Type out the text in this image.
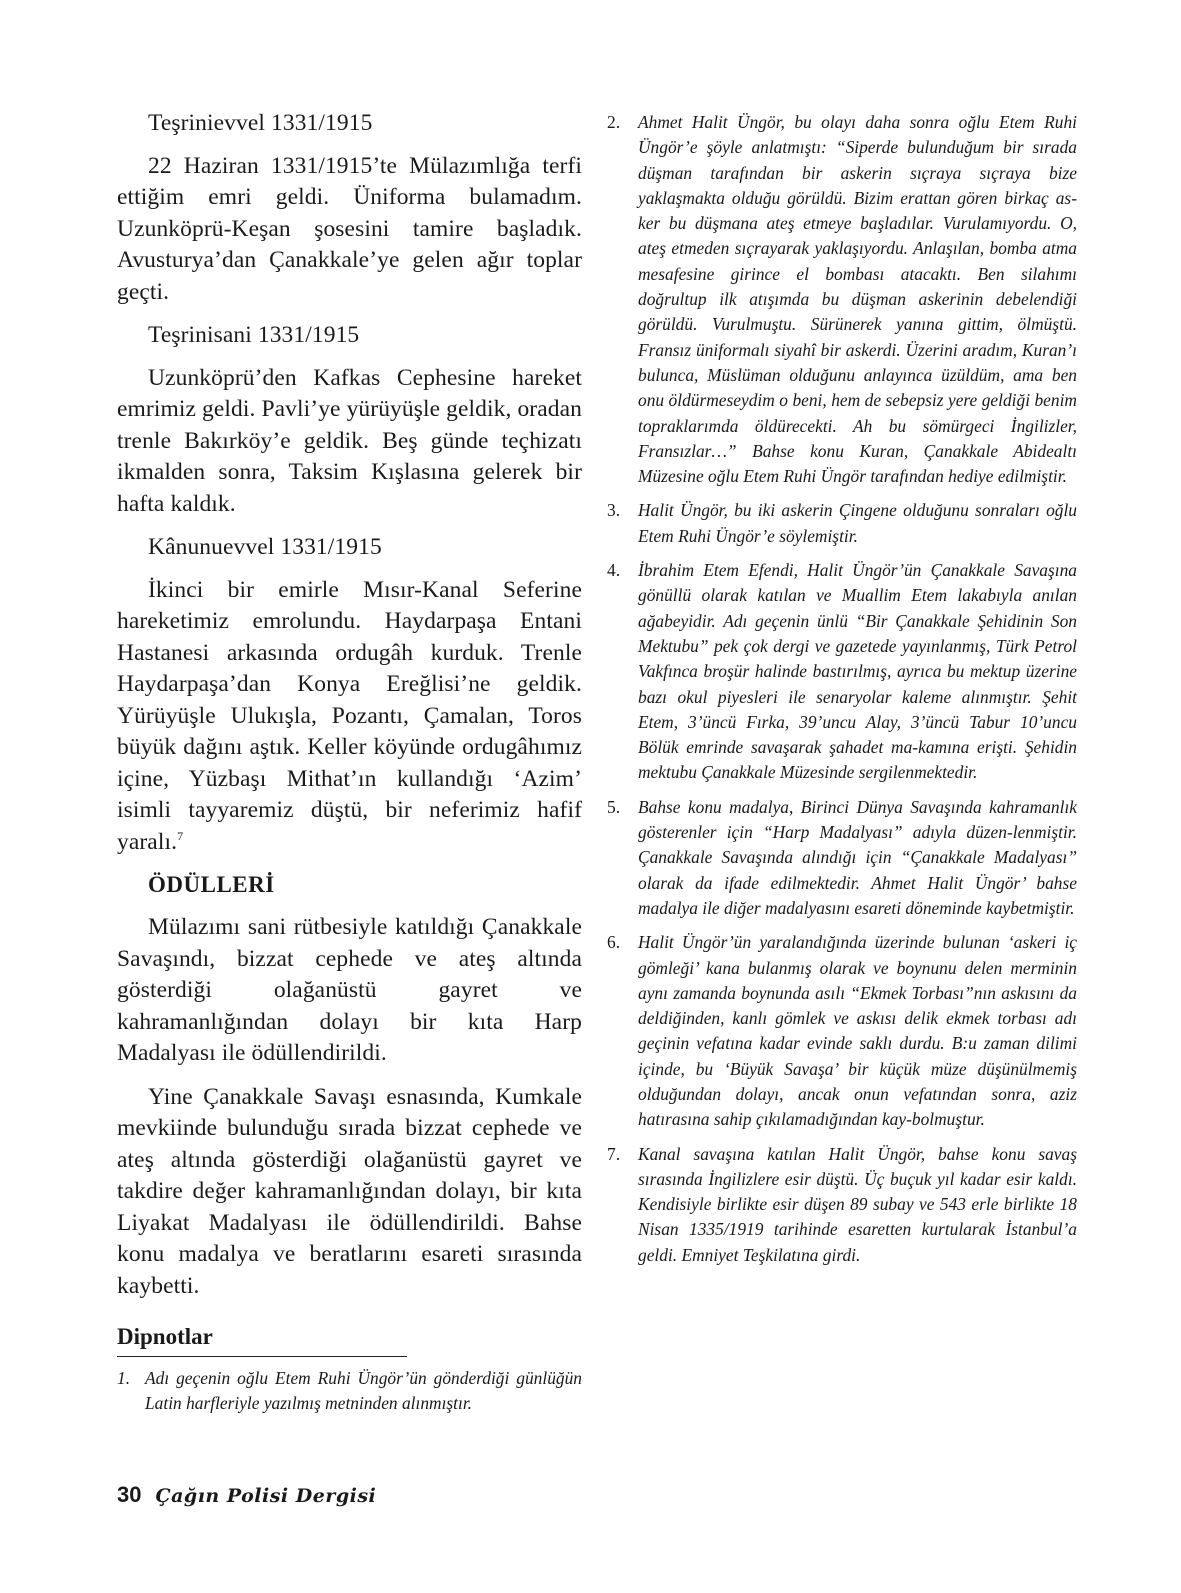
Teşrinievvel 1331/1915

22 Haziran 1331/1915’te Mülazımlığa terfi ettiğim emri geldi. Üniforma bulamadım. Uzunköprü-Keşan şosesini tamire başladık. Avusturya’dan Çanakkale’ye gelen ağır toplar geçti.

Teşrinisani 1331/1915

Uzunköprü’den Kafkas Cephesine hareket emrimiz geldi. Pavli’ye yürüyüşle geldik, oradan trenle Bakırköy’e geldik. Beş günde teçhizatı ikmalden sonra, Taksim Kışlasına gelerek bir hafta kaldık.

Kânunuevvel 1331/1915

İkinci bir emirle Mısır-Kanal Seferine hareketimiz emrolundu. Haydarpaşa Entani Hastanesi arkasında ordugâh kurduk. Trenle Haydarpaşa’dan Konya Ereğlisi’ne geldik. Yürüyüşle Ulukışla, Pozantı, Çamalan, Toros büyük dağını aştık. Keller köyünde ordugâhımız içine, Yüzbaşı Mithat’ın kullandığı ‘Azim’ isimli tayyaremiz düştü, bir neferimiz hafif yaralı.$^7$

ÖDÜLLERİ

Mülazımı sani rütbesiyle katıldığı Çanakkale Savaşındı, bizzat cephede ve ateş altında gösterdiği olağanüstü gayret ve kahramanlığından dolayı bir kıta Harp Madalyası ile ödüllendirildi.

Yine Çanakkale Savaşı esnasında, Kumkale mevkiinde bulunduğu sırada bizzat cephede ve ateş altında gösterdiği olağanüstü gayret ve takdire değer kahramanlığından dolayı, bir kıta Liyakat Madalyası ile ödüllendirildi. Bahse konu madalya ve beratlarını esareti sırasında kaybetti.

Dipnotlar
1. Adı geçenin oğlu Etem Ruhi Üngör’ün gönderdiği günlüğün Latin harfleriyle yazılmış metninden alınmıştır.
2.	Ahmet Halit Üngör, bu olayı daha sonra oğlu Etem Ruhi Üngör’e şöyle anlatmıştı: “Siperde bulunduğum bir sırada düşman tarafından bir askerin sıçraya sıçraya bize yaklaşmakta olduğu görüldü. Bizim erattan gören birkaç as-ker bu düşmana ateş etmeye başladılar. Vurulamıyordu. O, ateş etmeden sıçrayarak yaklaşıyordu. Anlaşılan, bomba atma mesafesine girince el bombası atacaktı. Ben silahımı doğrultup ilk atışımda bu düşman askerinin debelendiği görüldü. Vurulmuştu. Sürünerek yanına gittim, ölmüştü. Fransız üniformalı siyahî bir askerdi. Üzerini aradım, Kuran’ı bulunca, Müslüman olduğunu anlayınca üzüldüm, ama ben onu öldürmeseydim o beni, hem de sebepsiz yere geldiği benim topraklarımda öldürecekti. Ah bu sömürgeci İngilizler, Fransızlar…” Bahse konu Kuran, Çanakkale Abidealtı Müzesine oğlu Etem Ruhi Üngör tarafından hediye edilmiştir.
3.	Halit Üngör, bu iki askerin Çingene olduğunu sonraları oğlu Etem Ruhi Üngör’e söylemiştir.
4.	İbrahim Etem Efendi, Halit Üngör’ün Çanakkale Savaşına gönüllü olarak katılan ve Muallim Etem lakabıyla anılan ağabeyidir. Adı geçenin ünlü “Bir Çanakkale Şehidinin Son Mektubu” pek çok dergi ve gazetede yayınlanmış, Türk Petrol Vakfınca broşür halinde bastırılmış, ayrıca bu mektup üzerine bazı okul piyesleri ile senaryolar kaleme alınmıştır. Şehit Etem, 3’üncü Fırka, 39’uncu Alay, 3’üncü Tabur 10’uncu Bölük emrinde savaşarak şahadet ma-kamına erişti. Şehidin mektubu Çanakkale Müzesinde sergilenmektedir.
5.	Bahse konu madalya, Birinci Dünya Savaşında kahramanlık gösterenler için “Harp Madalyası” adıyla düzen-lenmiştir. Çanakkale Savaşında alındığı için “Çanakkale Madalyası” olarak da ifade edilmektedir. Ahmet Halit Üngör’ bahse madalya ile diğer madalyasını esareti döneminde kaybetmiştir.
6.	Halit Üngör’ün yaralandığında üzerinde bulunan ‘askeri iç gömleği’ kana bulanmış olarak ve boynunu delen merminin aynı zamanda boynunda asılı “Ekmek Torbası”nın askısını da deldiğinden, kanlı gömlek ve askısı delik ekmek torbası adı geçinin vefatına kadar evinde saklı durdu. B:u zaman dilimi içinde, bu ‘Büyük Savaşa’ bir küçük müze düşünülmemiş olduğundan dolayı, ancak onun vefatından sonra, aziz hatırasına sahip çıkılamadığından kay-bolmuştur.
7.	Kanal savaşına katılan Halit Üngör, bahse konu savaş sırasında İngilizlere esir düştü. Üç buçuk yıl kadar esir kaldı. Kendisiyle birlikte esir düşen 89 subay ve 543 erle birlikte 18 Nisan 1335/1919 tarihinde esaretten kurtularak İstanbul’a geldi. Emniyet Teşkilatına girdi.
30 Çağın Polisi Dergisi
